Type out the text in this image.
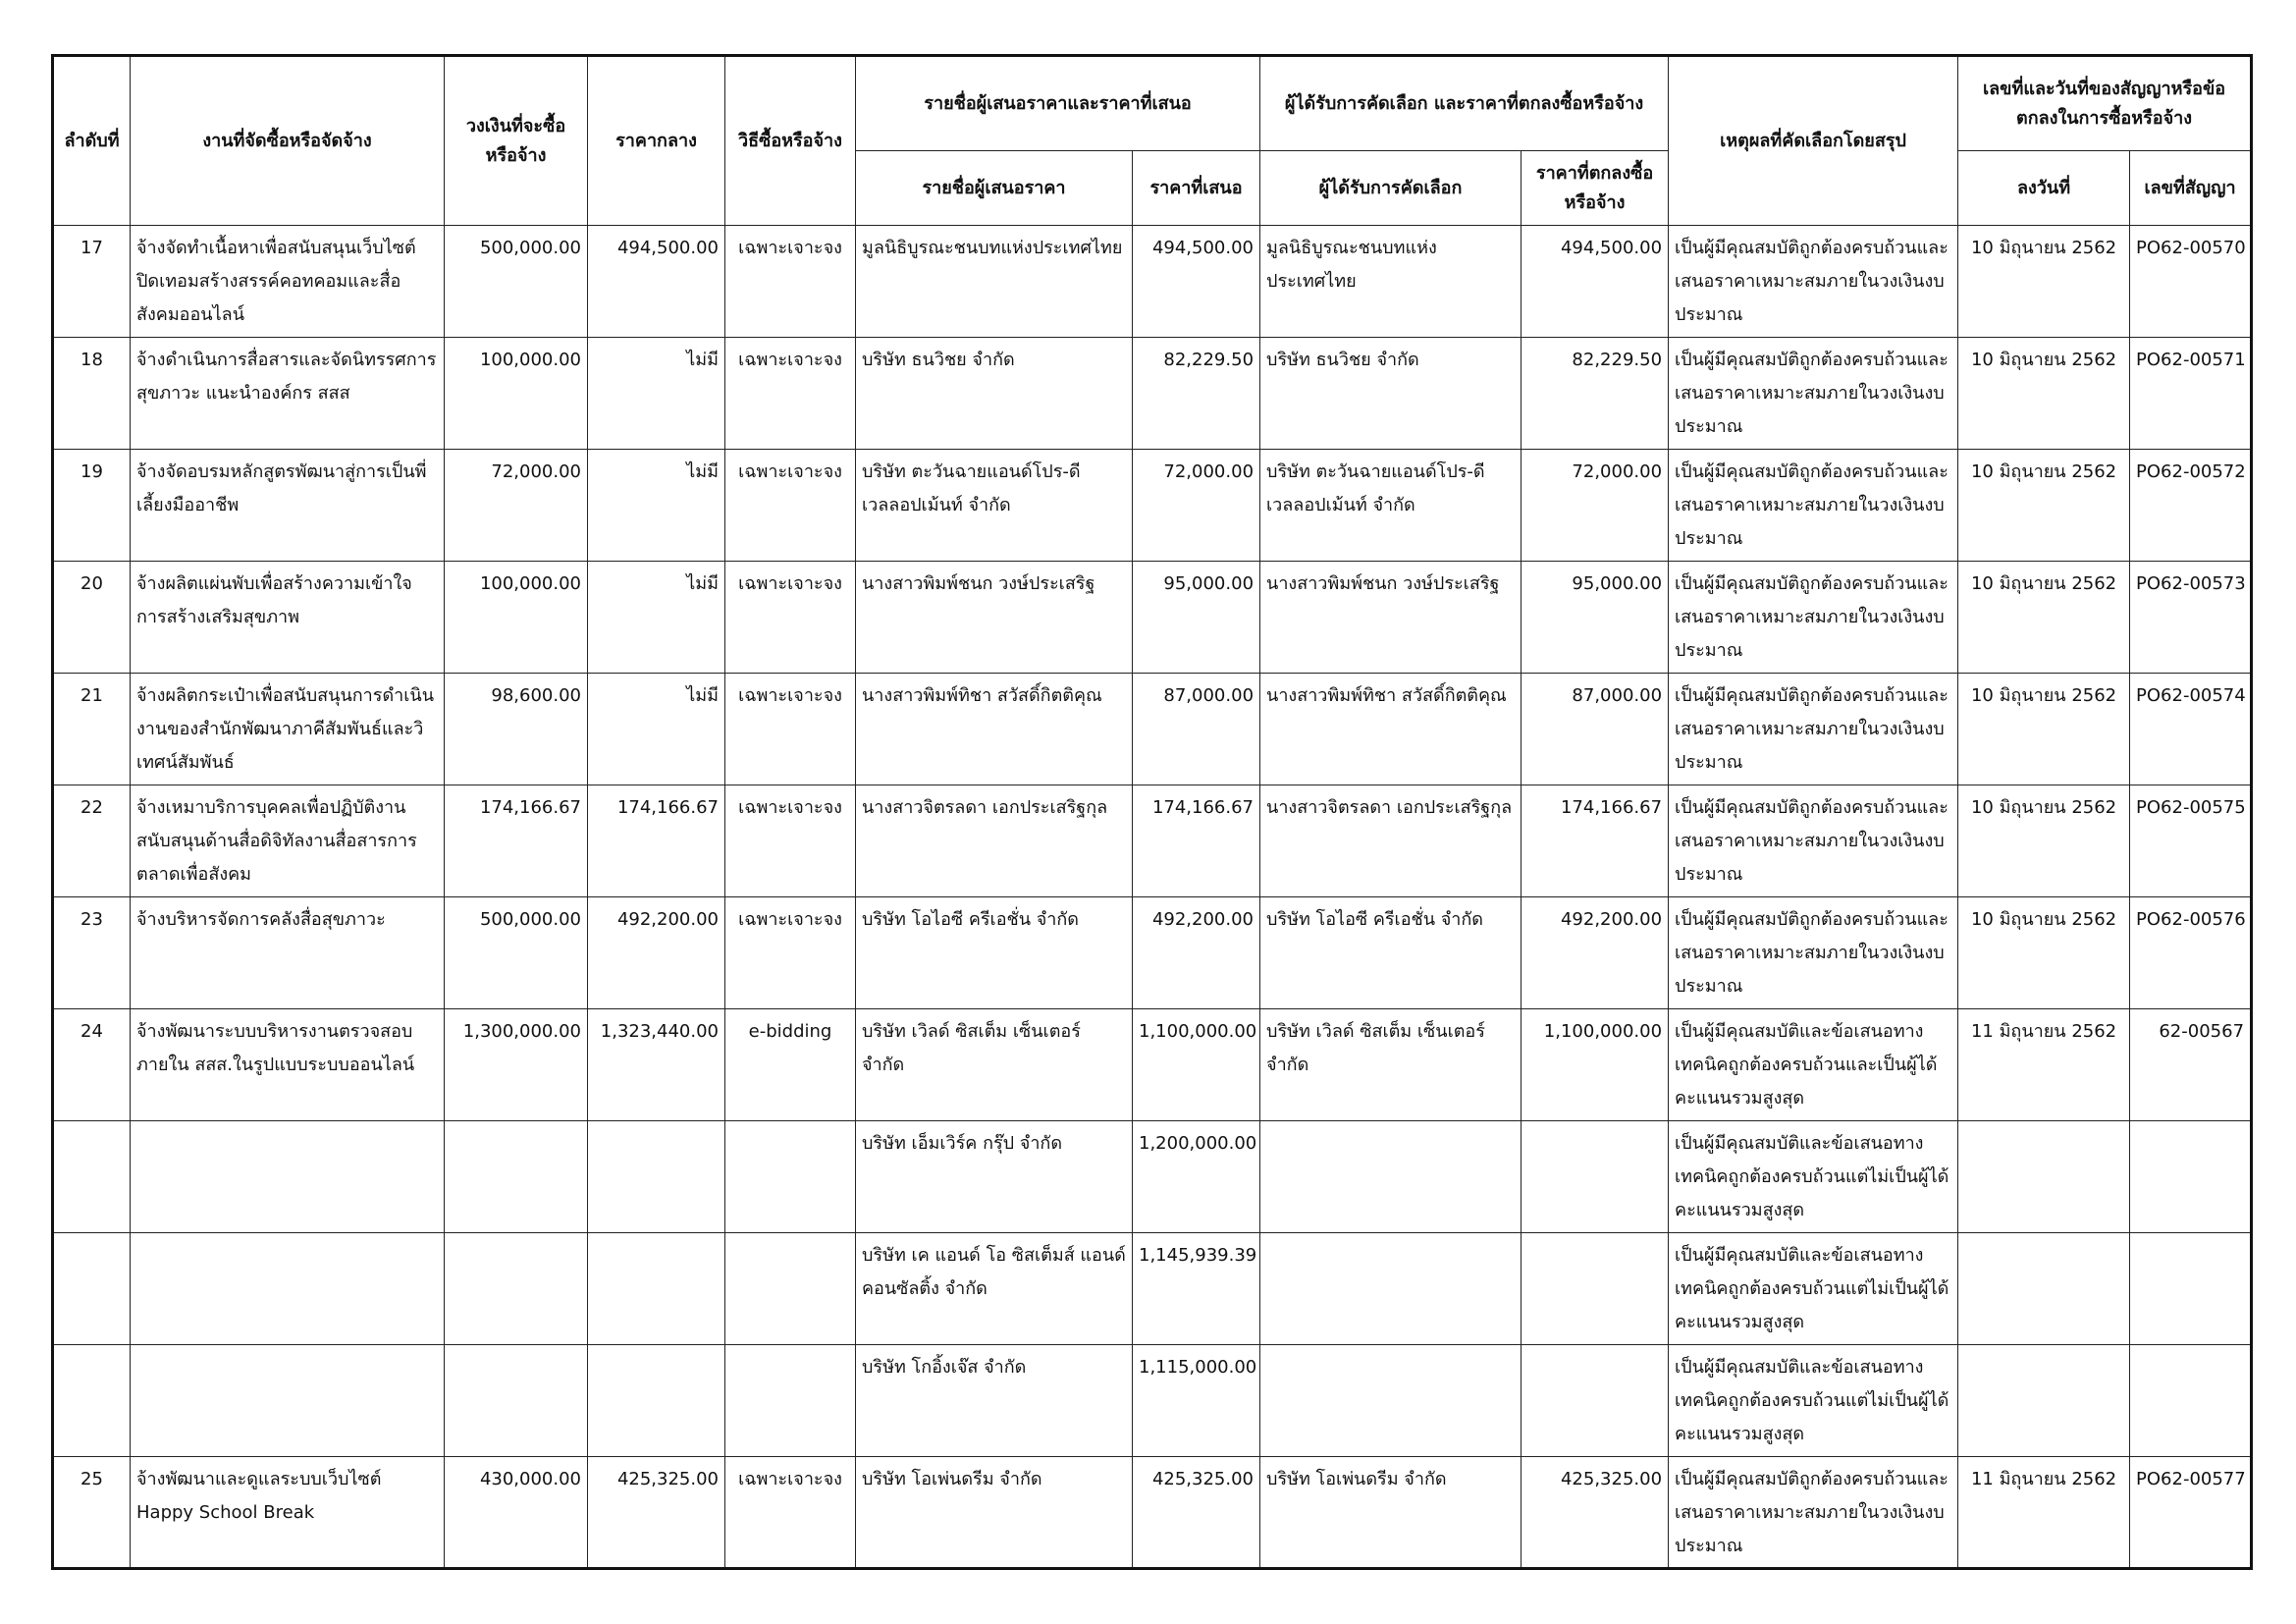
ลำดับที่	งานที่จัดซื้อหรือจัดจ้าง	วงเงินที่จะซื้อหรือจ้าง	ราคากลาง	วิธีซื้อหรือจ้าง	รายชื่อผู้เสนอราคาและราคาที่เสนอ		ผู้ได้รับการคัดเลือก และราคาที่ตกลงซื้อหรือจ้าง		เหตุผลที่คัดเลือกโดยสรุป	เลขที่และวันที่ของสัญญาหรือข้อตกลงในการซื้อหรือจ้าง	
					รายชื่อผู้เสนอราคา	ราคาที่เสนอ	ผู้ได้รับการคัดเลือก	ราคาที่ตกลงซื้อหรือจ้าง		ลงวันที่	เลขที่สัญญา
17	จ้างจัดทำเนื้อหาเพื่อสนับสนุนเว็บไซต์ปิดเทอมสร้างสรรค์คอทคอมและสื่อสังคมออนไลน์	500,000.00	494,500.00	เฉพาะเจาะจง	มูลนิธิบูรณะชนบทแห่งประเทศไทย	494,500.00	มูลนิธิบูรณะชนบทแห่งประเทศไทย	494,500.00	เป็นผู้มีคุณสมบัติถูกต้องครบถ้วนและเสนอราคาเหมาะสมภายในวงเงินงบประมาณ	10 มิถุนายน 2562	PO62-00570
18	จ้างดำเนินการสื่อสารและจัดนิทรรศการสุขภาวะ แนะนำองค์กร สสส	100,000.00	ไม่มี	เฉพาะเจาะจง	บริษัท ธนวิชย จำกัด	82,229.50	บริษัท ธนวิชย จำกัด	82,229.50	เป็นผู้มีคุณสมบัติถูกต้องครบถ้วนและเสนอราคาเหมาะสมภายในวงเงินงบประมาณ	10 มิถุนายน 2562	PO62-00571
19	จ้างจัดอบรมหลักสูตรพัฒนาสู่การเป็นพี่เลี้ยงมืออาชีพ	72,000.00	ไม่มี	เฉพาะเจาะจง	บริษัท ตะวันฉายแอนด์โปร-ดีเวลลอปเม้นท์ จำกัด	72,000.00	บริษัท ตะวันฉายแอนด์โปร-ดีเวลลอปเม้นท์ จำกัด	72,000.00	เป็นผู้มีคุณสมบัติถูกต้องครบถ้วนและเสนอราคาเหมาะสมภายในวงเงินงบประมาณ	10 มิถุนายน 2562	PO62-00572
20	จ้างผลิตแผ่นพับเพื่อสร้างความเข้าใจการสร้างเสริมสุขภาพ	100,000.00	ไม่มี	เฉพาะเจาะจง	นางสาวพิมพ์ชนก วงษ์ประเสริฐ	95,000.00	นางสาวพิมพ์ชนก วงษ์ประเสริฐ	95,000.00	เป็นผู้มีคุณสมบัติถูกต้องครบถ้วนและเสนอราคาเหมาะสมภายในวงเงินงบประมาณ	10 มิถุนายน 2562	PO62-00573
21	จ้างผลิตกระเป๋าเพื่อสนับสนุนการดำเนินงานของสำนักพัฒนาภาคีสัมพันธ์และวิเทศน์สัมพันธ์	98,600.00	ไม่มี	เฉพาะเจาะจง	นางสาวพิมพ์ทิชา สวัสดิ์กิตติคุณ	87,000.00	นางสาวพิมพ์ทิชา สวัสดิ์กิตติคุณ	87,000.00	เป็นผู้มีคุณสมบัติถูกต้องครบถ้วนและเสนอราคาเหมาะสมภายในวงเงินงบประมาณ	10 มิถุนายน 2562	PO62-00574
22	จ้างเหมาบริการบุคคลเพื่อปฏิบัติงานสนับสนุนด้านสื่อดิจิทัลงานสื่อสารการตลาดเพื่อสังคม	174,166.67	174,166.67	เฉพาะเจาะจง	นางสาวจิตรลดา เอกประเสริฐกุล	174,166.67	นางสาวจิตรลดา เอกประเสริฐกุล	174,166.67	เป็นผู้มีคุณสมบัติถูกต้องครบถ้วนและเสนอราคาเหมาะสมภายในวงเงินงบประมาณ	10 มิถุนายน 2562	PO62-00575
23	จ้างบริหารจัดการคลังสื่อสุขภาวะ	500,000.00	492,200.00	เฉพาะเจาะจง	บริษัท โอไอซี ครีเอชั่น จำกัด	492,200.00	บริษัท โอไอซี ครีเอชั่น จำกัด	492,200.00	เป็นผู้มีคุณสมบัติถูกต้องครบถ้วนและเสนอราคาเหมาะสมภายในวงเงินงบประมาณ	10 มิถุนายน 2562	PO62-00576
24	จ้างพัฒนาระบบบริหารงานตรวจสอบภายใน สสส.ในรูปแบบระบบออนไลน์	1,300,000.00	1,323,440.00	e-bidding	บริษัท เวิลด์ ซิสเต็ม เซ็นเตอร์ จำกัด	1,100,000.00	บริษัท เวิลด์ ซิสเต็ม เซ็นเตอร์ จำกัด	1,100,000.00	เป็นผู้มีคุณสมบัติและข้อเสนอทางเทคนิคถูกต้องครบถ้วนและเป็นผู้ได้คะแนนรวมสูงสุด	11 มิถุนายน 2562	62-00567
					บริษัท เอ็มเวิร์ค กรุ๊ป จำกัด	1,200,000.00			เป็นผู้มีคุณสมบัติและข้อเสนอทางเทคนิคถูกต้องครบถ้วนแต่ไม่เป็นผู้ได้คะแนนรวมสูงสุด		
					บริษัท เค แอนด์ โอ ซิสเต็มส์ แอนด์ คอนซัลติ้ง จำกัด	1,145,939.39			เป็นผู้มีคุณสมบัติและข้อเสนอทางเทคนิคถูกต้องครบถ้วนแต่ไม่เป็นผู้ได้คะแนนรวมสูงสุด		
					บริษัท โกอิ้งเจ๊ส จำกัด	1,115,000.00			เป็นผู้มีคุณสมบัติและข้อเสนอทางเทคนิคถูกต้องครบถ้วนแต่ไม่เป็นผู้ได้คะแนนรวมสูงสุด		
25	จ้างพัฒนาและดูแลระบบเว็บไซต์ Happy School Break	430,000.00	425,325.00	เฉพาะเจาะจง	บริษัท โอเพ่นดรีม จำกัด	425,325.00	บริษัท โอเพ่นดรีม จำกัด	425,325.00	เป็นผู้มีคุณสมบัติถูกต้องครบถ้วนและเสนอราคาเหมาะสมภายในวงเงินงบประมาณ	11 มิถุนายน 2562	PO62-00577
